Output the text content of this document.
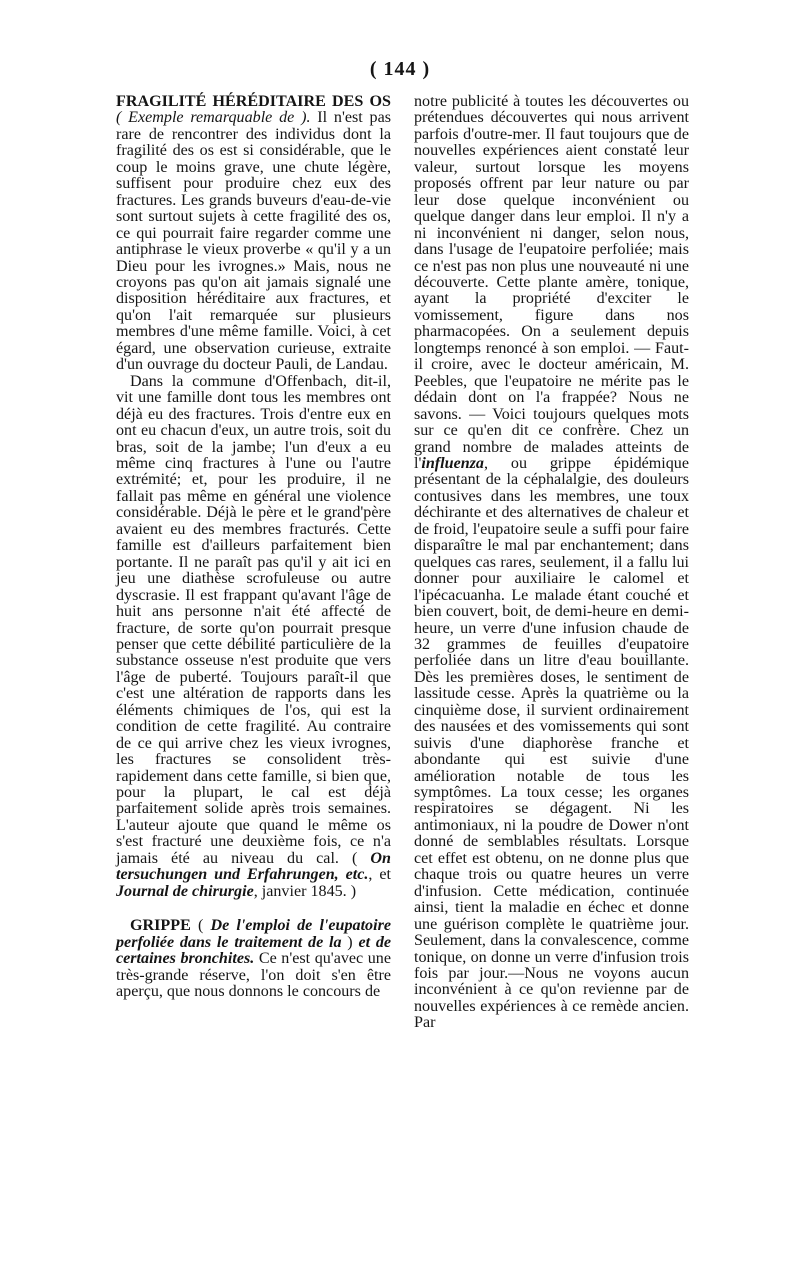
( 144 )

FRAGILITÉ HÉRÉDITAIRE DES OS ( Exemple remarquable de ). Il n'est pas rare de rencontrer des individus dont la fragilité des os est si considérable, que le coup le moins grave, une chute légère, suffisent pour produire chez eux des fractures. Les grands buveurs d'eau-de-vie sont surtout sujets à cette fragilité des os, ce qui pourrait faire regarder comme une antiphrase le vieux proverbe « qu'il y a un Dieu pour les ivrognes.» Mais, nous ne croyons pas qu'on ait jamais signalé une disposition héréditaire aux fractures, et qu'on l'ait remarquée sur plusieurs membres d'une même famille. Voici, à cet égard, une observation curieuse, extraite d'un ouvrage du docteur Pauli, de Landau.

Dans la commune d'Offenbach, dit-il, vit une famille dont tous les membres ont déjà eu des fractures. Trois d'entre eux en ont eu chacun d'eux, un autre trois, soit du bras, soit de la jambe; l'un d'eux a eu même cinq fractures à l'une ou l'autre extrémité; et, pour les produire, il ne fallait pas même en général une violence considérable. Déjà le père et le grand'père avaient eu des membres fracturés. Cette famille est d'ailleurs parfaitement bien portante. Il ne paraît pas qu'il y ait ici en jeu une diathèse scrofuleuse ou autre dyscrasie. Il est frappant qu'avant l'âge de huit ans personne n'ait été affecté de fracture, de sorte qu'on pourrait presque penser que cette débilité particulière de la substance osseuse n'est produite que vers l'âge de puberté. Toujours paraît-il que c'est une altération de rapports dans les éléments chimiques de l'os, qui est la condition de cette fragilité. Au contraire de ce qui arrive chez les vieux ivrognes, les fractures se consolident très-rapidement dans cette famille, si bien que, pour la plupart, le cal est déjà parfaitement solide après trois semaines. L'auteur ajoute que quand le même os s'est fracturé une deuxième fois, ce n'a jamais été au niveau du cal. ( On tersuchungen und Erfahrungen, etc., et Journal de chirurgie, janvier 1845. )

GRIPPE ( De l'emploi de l'eupatoire perfoliée dans le traitement de la ) et de certaines bronchites. Ce n'est qu'avec une très-grande réserve, l'on doit s'en être aperçu, que nous donnons le concours de

notre publicité à toutes les découvertes ou prétendues découvertes qui nous arrivent parfois d'outre-mer. Il faut toujours que de nouvelles expériences aient constaté leur valeur, surtout lorsque les moyens proposés offrent par leur nature ou par leur dose quelque inconvénient ou quelque danger dans leur emploi. Il n'y a ni inconvénient ni danger, selon nous, dans l'usage de l'eupatoire perfoliée; mais ce n'est pas non plus une nouveauté ni une découverte. Cette plante amère, tonique, ayant la propriété d'exciter le vomissement, figure dans nos pharmacopées. On a seulement depuis longtemps renoncé à son emploi. — Faut-il croire, avec le docteur américain, M. Peebles, que l'eupatoire ne mérite pas le dédain dont on l'a frappée? Nous ne savons. — Voici toujours quelques mots sur ce qu'en dit ce confrère. Chez un grand nombre de malades atteints de l'influenza, ou grippe épidémique présentant de la céphalalgie, des douleurs contusives dans les membres, une toux déchirante et des alternatives de chaleur et de froid, l'eupatoire seule a suffi pour faire disparaître le mal par enchantement; dans quelques cas rares, seulement, il a fallu lui donner pour auxiliaire le calomel et l'ipécacuanha. Le malade étant couché et bien couvert, boit, de demi-heure en demi-heure, un verre d'une infusion chaude de 32 grammes de feuilles d'eupatoire perfoliée dans un litre d'eau bouillante. Dès les premières doses, le sentiment de lassitude cesse. Après la quatrième ou la cinquième dose, il survient ordinairement des nausées et des vomissements qui sont suivis d'une diaphorèse franche et abondante qui est suivie d'une amélioration notable de tous les symptômes. La toux cesse; les organes respiratoires se dégagent. Ni les antimoniaux, ni la poudre de Dower n'ont donné de semblables résultats. Lorsque cet effet est obtenu, on ne donne plus que chaque trois ou quatre heures un verre d'infusion. Cette médication, continuée ainsi, tient la maladie en échec et donne une guérison complète le quatrième jour. Seulement, dans la convalescence, comme tonique, on donne un verre d'infusion trois fois par jour.—Nous ne voyons aucun inconvénient à ce qu'on revienne par de nouvelles expériences à ce remède ancien. Par
